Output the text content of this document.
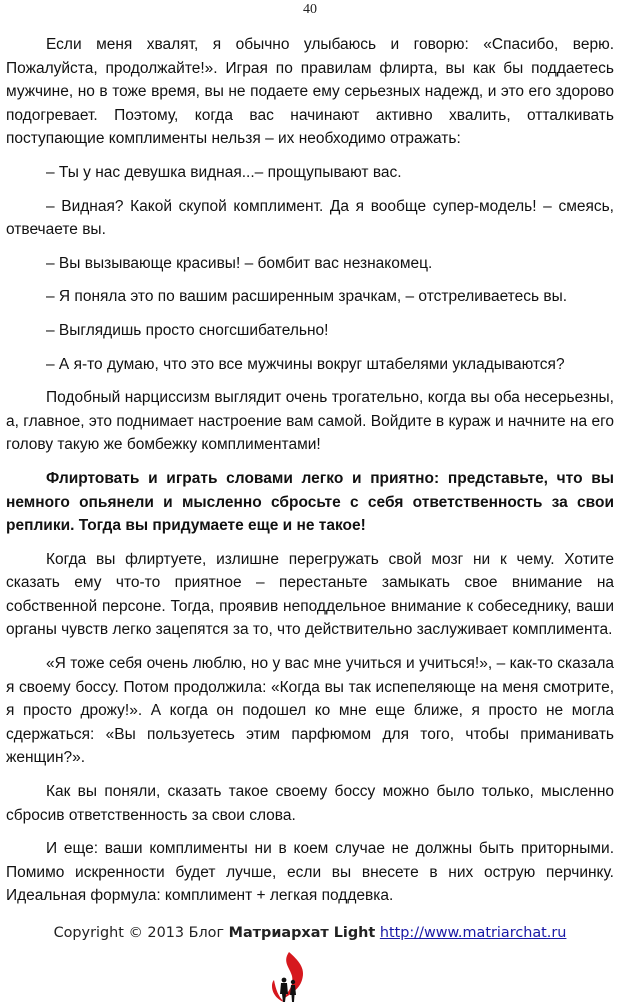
40

Если меня хвалят, я обычно улыбаюсь и говорю: «Спасибо, верю. Пожалуйста, продолжайте!». Играя по правилам флирта, вы как бы поддаетесь мужчине, но в тоже время, вы не подаете ему серьезных надежд, и это его здорово подогревает. Поэтому, когда вас начинают активно хвалить, отталкивать поступающие комплименты нельзя – их необходимо отражать:

– Ты у нас девушка видная...– прощупывают вас.

– Видная? Какой скупой комплимент. Да я вообще супер-модель! – смеясь, отвечаете вы.

– Вы вызывающе красивы! – бомбит вас незнакомец.

– Я поняла это по вашим расширенным зрачкам, – отстреливаетесь вы.

– Выглядишь просто сногсшибательно!

– А я-то думаю, что это все мужчины вокруг штабелями укладываются?

Подобный нарциссизм выглядит очень трогательно, когда вы оба несерьезны, а, главное, это поднимает настроение вам самой. Войдите в кураж и начните на его голову такую же бомбежку комплиментами!

Флиртовать и играть словами легко и приятно: представьте, что вы немного опьянели и мысленно сбросьте с себя ответственность за свои реплики. Тогда вы придумаете еще и не такое!

Когда вы флиртуете, излишне перегружать свой мозг ни к чему. Хотите сказать ему что-то приятное – перестаньте замыкать свое внимание на собственной персоне. Тогда, проявив неподдельное внимание к собеседнику, ваши органы чувств легко зацепятся за то, что действительно заслуживает комплимента.

«Я тоже себя очень люблю, но у вас мне учиться и учиться!», – как-то сказала я своему боссу. Потом продолжила: «Когда вы так испепеляюще на меня смотрите, я просто дрожу!». А когда он подошел ко мне еще ближе, я просто не могла сдержаться: «Вы пользуетесь этим парфюмом для того, чтобы приманивать женщин?».

Как вы поняли, сказать такое своему боссу можно было только, мысленно сбросив ответственность за свои слова.

И еще: ваши комплименты ни в коем случае не должны быть приторными. Помимо искренности будет лучше, если вы внесете в них острую перчинку. Идеальная формула: комплимент + легкая поддевка.

Copyright © 2013 Блог Матриархат Light http://www.matriarchat.ru
